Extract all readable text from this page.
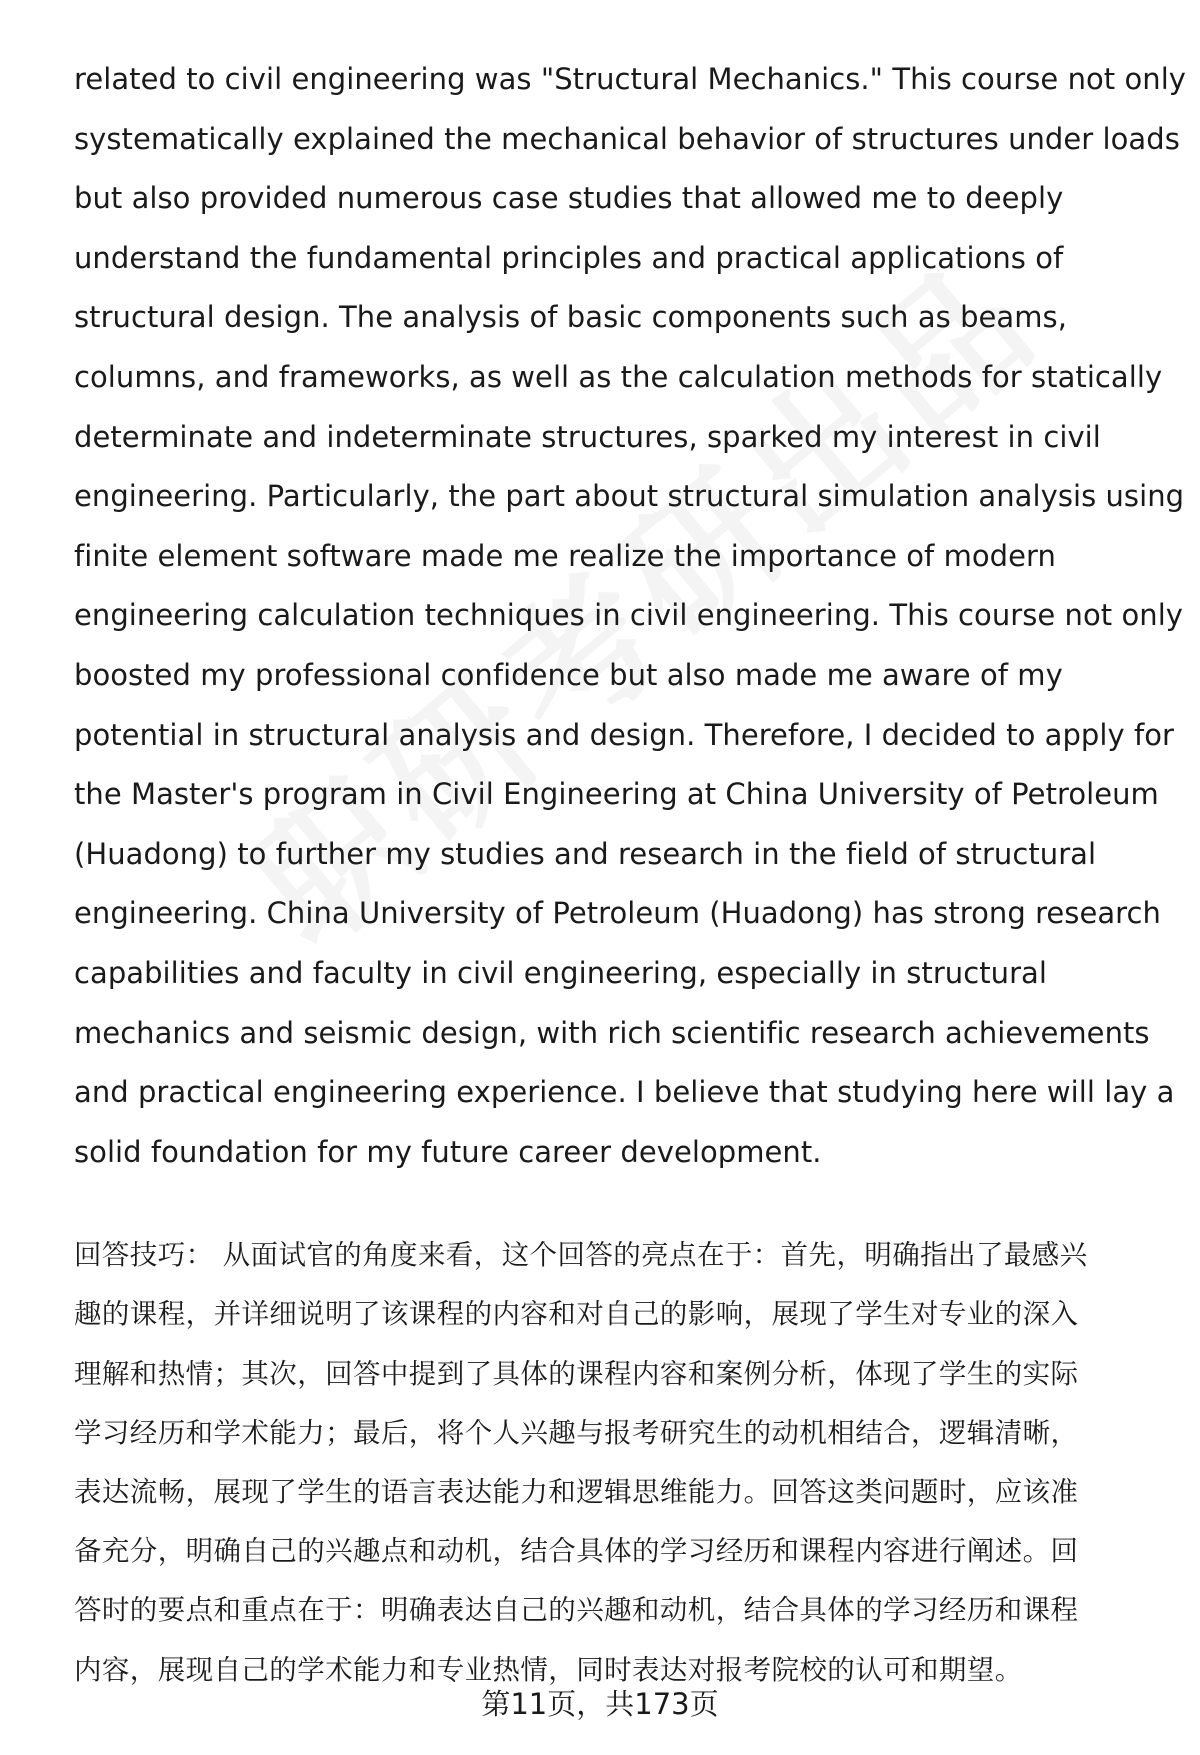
related to civil engineering was "Structural Mechanics." This course not only
systematically explained the mechanical behavior of structures under loads
but also provided numerous case studies that allowed me to deeply
understand the fundamental principles and practical applications of
structural design. The analysis of basic components such as beams,
columns, and frameworks, as well as the calculation methods for statically
determinate and indeterminate structures, sparked my interest in civil
engineering. Particularly, the part about structural simulation analysis using
finite element software made me realize the importance of modern
engineering calculation techniques in civil engineering. This course not only
boosted my professional confidence but also made me aware of my
potential in structural analysis and design. Therefore, I decided to apply for
the Master's program in Civil Engineering at China University of Petroleum
(Huadong) to further my studies and research in the field of structural
engineering. China University of Petroleum (Huadong) has strong research
capabilities and faculty in civil engineering, especially in structural
mechanics and seismic design, with rich scientific research achievements
and practical engineering experience. I believe that studying here will lay a
solid foundation for my future career development.
回答技巧： 从面试官的角度来看，这个回答的亮点在于：首先，明确指出了最感兴
趣的课程，并详细说明了该课程的内容和对自己的影响，展现了学生对专业的深入
理解和热情；其次，回答中提到了具体的课程内容和案例分析，体现了学生的实际
学习经历和学术能力；最后，将个人兴趣与报考研究生的动机相结合，逻辑清晰，
表达流畅，展现了学生的语言表达能力和逻辑思维能力。回答这类问题时，应该准
备充分，明确自己的兴趣点和动机，结合具体的学习经历和课程内容进行阐述。回
答时的要点和重点在于：明确表达自己的兴趣和动机，结合具体的学习经历和课程
内容，展现自己的学术能力和专业热情，同时表达对报考院校的认可和期望。
第11页，共173页
